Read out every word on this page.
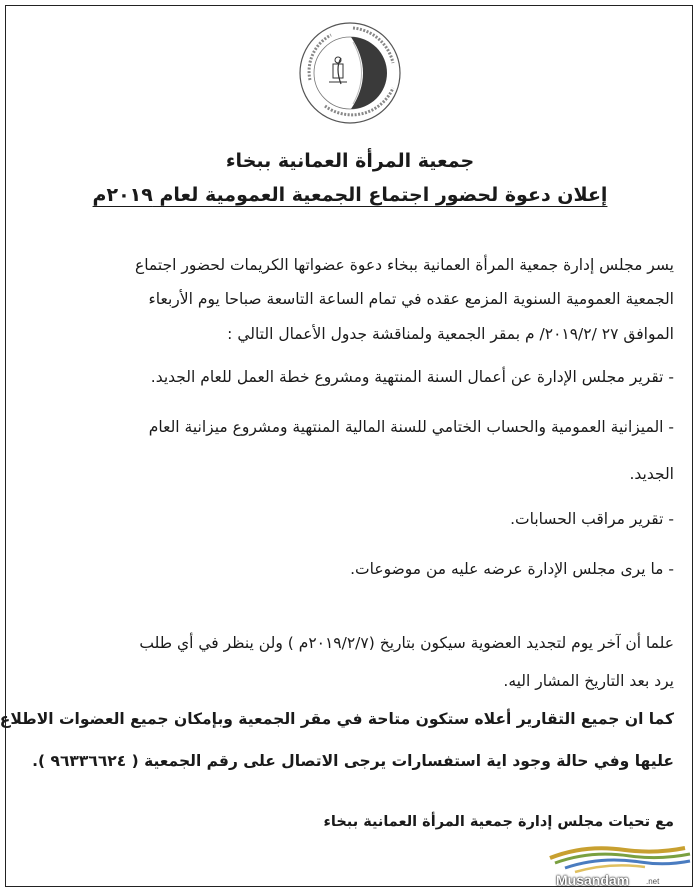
جمعية المرأة العمانية ببخاء
إعلان دعوة لحضور اجتماع الجمعية العمومية لعام ٢٠١٩م
يسر مجلس إدارة جمعية المرأة العمانية ببخاء دعوة عضواتها الكريمات لحضور اجتماع
الجمعية العمومية السنوية المزمع عقده في تمام الساعة التاسعة صباحا يوم الأربعاء
الموافق ٢٧ /٢٠١٩/٢/ م بمقر الجمعية ولمناقشة جدول الأعمال التالي :
- تقرير مجلس الإدارة عن أعمال السنة المنتهية ومشروع خطة العمل للعام الجديد.
- الميزانية العمومية والحساب الختامي للسنة المالية المنتهية ومشروع ميزانية العام
الجديد.
- تقرير مراقب الحسابات.
- ما يرى مجلس الإدارة عرضه عليه من موضوعات.
علما أن آخر يوم لتجديد العضوية سيكون بتاريخ (٢٠١٩/٢/٧م ) ولن ينظر في أي طلب
يرد بعد التاريخ المشار اليه.
كما ان جميع التقارير أعلاه ستكون متاحة في مقر الجمعية وبإمكان جميع العضوات الاطلاع
عليها وفي حالة وجود اية استفسارات يرجى الاتصال على رقم الجمعية ( ٩٦٣٣٦٦٢٤ ).
مع تحيات مجلس إدارة جمعية المرأة العمانية ببخاء
Musandam .net
